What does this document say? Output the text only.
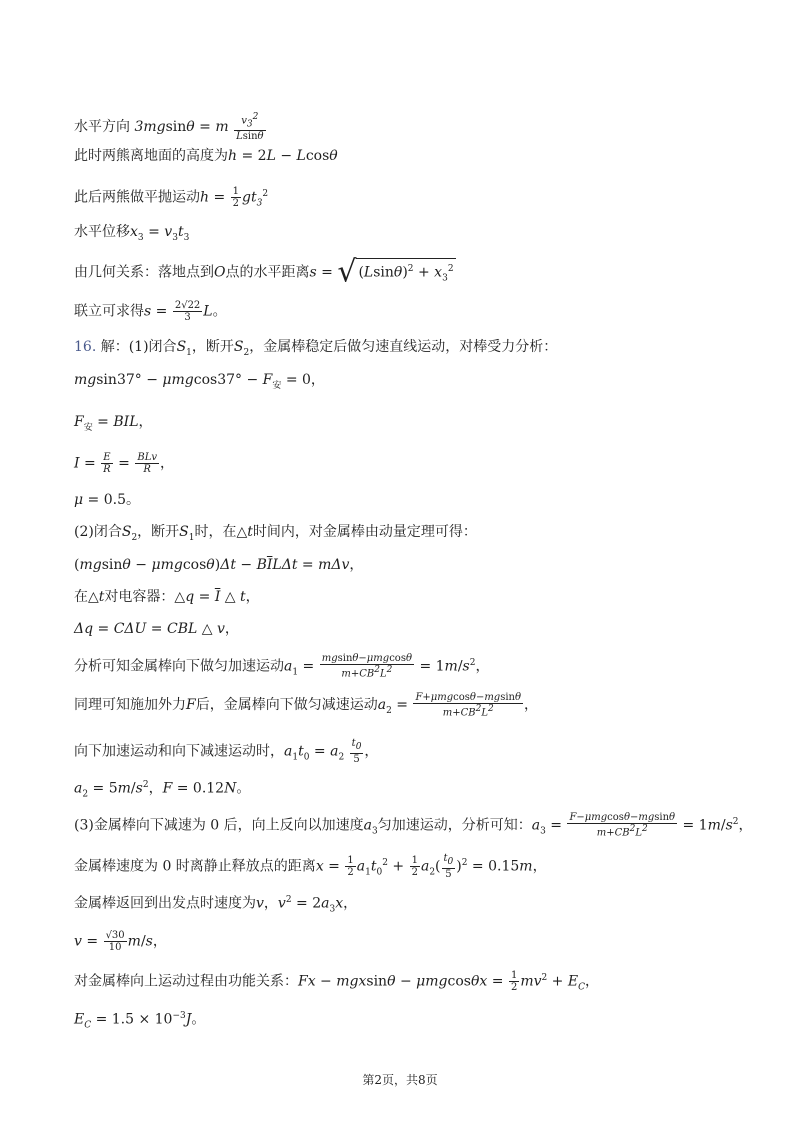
水平方向 3mgsinθ = m $\frac{v_3^2}{Lsin\theta}$
此时两熊离地面的高度为h = 2L − Lcosθ
此后两熊做平抛运动$h = \frac{1}{2} gt_3^2$
水平位移$x_3 = v_3t_3$
由几何关系：落地点到O点的水平距离s = √ $(Lsin\theta)^2 + x_3^2$
联立可求得$s = \frac{2√22}{3}$ L。
16. 解：(1)闭合$S_1$，断开$S_2$，金属棒稳定后做匀速直线运动，对棒受力分析：
$mgsin37^\circ - \mu mgcos37^\circ - F_安 = 0$，
$F_安$ = BIL，
$I = \frac{E}{R} = \frac{\text{BLv}}{R}$ ，
μ = 0.5。
(2)闭合$S_2$，断开$S_1$时，在△t时间内，对金属棒由动量定理可得：
$(mgsin\theta - \mu mgcos\theta)\Delta t - B\overline{I}L\Delta t = m\Delta v$，
在△t对电容器：△q = $\overline{I}$ △ t，
Δq = CΔU = CBL △ v，
分析可知金属棒向下做匀加速运动$a_1 = \frac{\text{mgsinθ−μmgcosθ}}{m+CB^2L^2} = 1m/s^2$，
同理可知施加外力F后，金属棒向下做匀减速运动$a_2 = \frac{\text{F+μmgcosθ−mgsinθ}}{m+CB^2L^2}$ ，
向下加速运动和向下减速运动时，$a_1t_0 = a_2 \frac{t_0}{5}$ ，
$a_2 = 5m/s^2$，F = 0.12N。
(3)金属棒向下减速为 0 后，向上反向以加速度$a_3$匀加速运动，分析可知：$a_3 = \frac{\text{F−μmgcosθ−mgsinθ}}{m+CB^2L^2} = 1m/s^2$，
金属棒速度为 0 时离静止释放点的距离$x = \frac{1}{2} a_1t_0^2 + \frac{1}{2} a_2( \frac{t_0}{5} )^2 = 0.15m$，
金属棒返回到出发点时速度为v，$v^2 = 2a_3x$，
$v = \frac{√30}{10} m/s$，
对金属棒向上运动过程由功能关系：$Fx - mgxsin\theta - \mu mgcos\theta x = \frac{1}{2} mv^2 + E_C$，
$E_C = 1.5 \times 10^{-3}J$。
第2页，共8页
